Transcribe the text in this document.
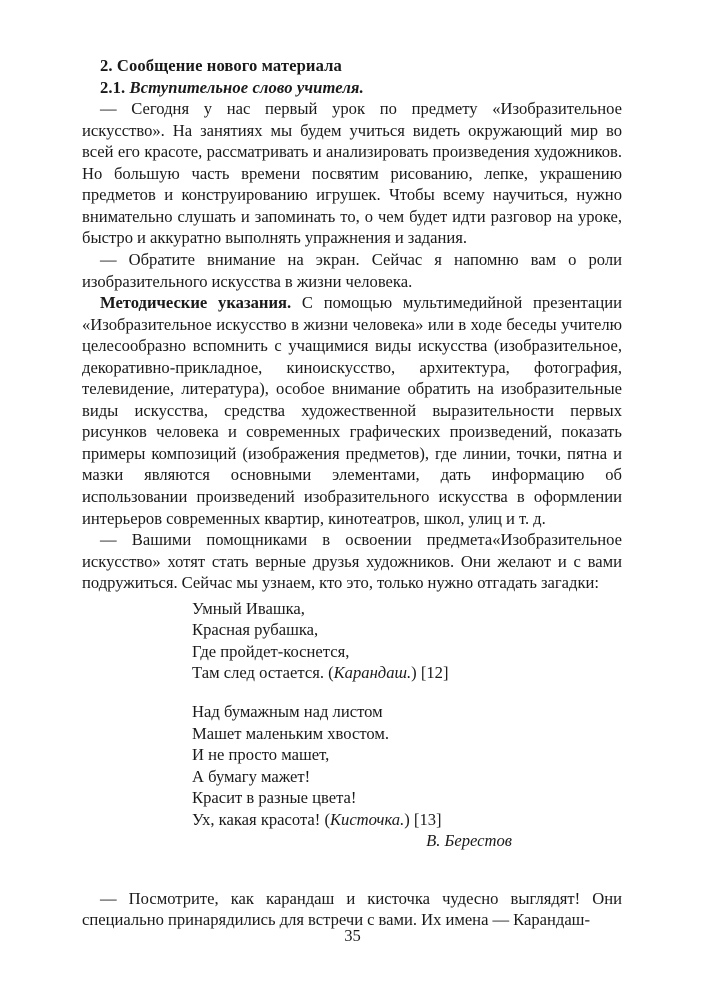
2. Сообщение нового материала
2.1. Вступительное слово учителя.

— Сегодня у нас первый урок по предмету «Изобразительное искусство». На занятиях мы будем учиться видеть окружающий мир во всей его красоте, рассматривать и анализировать произведения художников. Но большую часть времени посвятим рисованию, лепке, украшению предметов и конструированию игрушек. Чтобы всему научиться, нужно внимательно слушать и запоминать то, о чем будет идти разговор на уроке, быстро и аккуратно выполнять упражнения и задания.

— Обратите внимание на экран. Сейчас я напомню вам о роли изобразительного искусства в жизни человека.

Методические указания. С помощью мультимедийной презентации «Изобразительное искусство в жизни человека» или в ходе беседы учителю целесообразно вспомнить с учащимися виды искусства (изобразительное, декоративно-прикладное, киноискусство, архитектура, фотография, телевидение, литература), особое внимание обратить на изобразительные виды искусства, средства художественной выразительности первых рисунков человека и современных графических произведений, показать примеры композиций (изображения предметов), где линии, точки, пятна и мазки являются основными элементами, дать информацию об использовании произведений изобразительного искусства в оформлении интерьеров современных квартир, кинотеатров, школ, улиц и т. д.

— Вашими помощниками в освоении предмета«Изобразительное искусство» хотят стать верные друзья художников. Они желают и с вами подружиться. Сейчас мы узнаем, кто это, только нужно отгадать загадки:

Умный Ивашка,
Красная рубашка,
Где пройдет-коснется,
Там след остается. (Карандаш.) [12]
Над бумажным над листом
Машет маленьким хвостом.
И не просто машет,
А бумагу мажет!
Красит в разные цвета!
Ух, какая красота! (Кисточка.) [13]
В. Берестов

— Посмотрите, как карандаш и кисточка чудесно выглядят! Они специально принарядились для встречи с вами. Их имена — Карандаш-

35
